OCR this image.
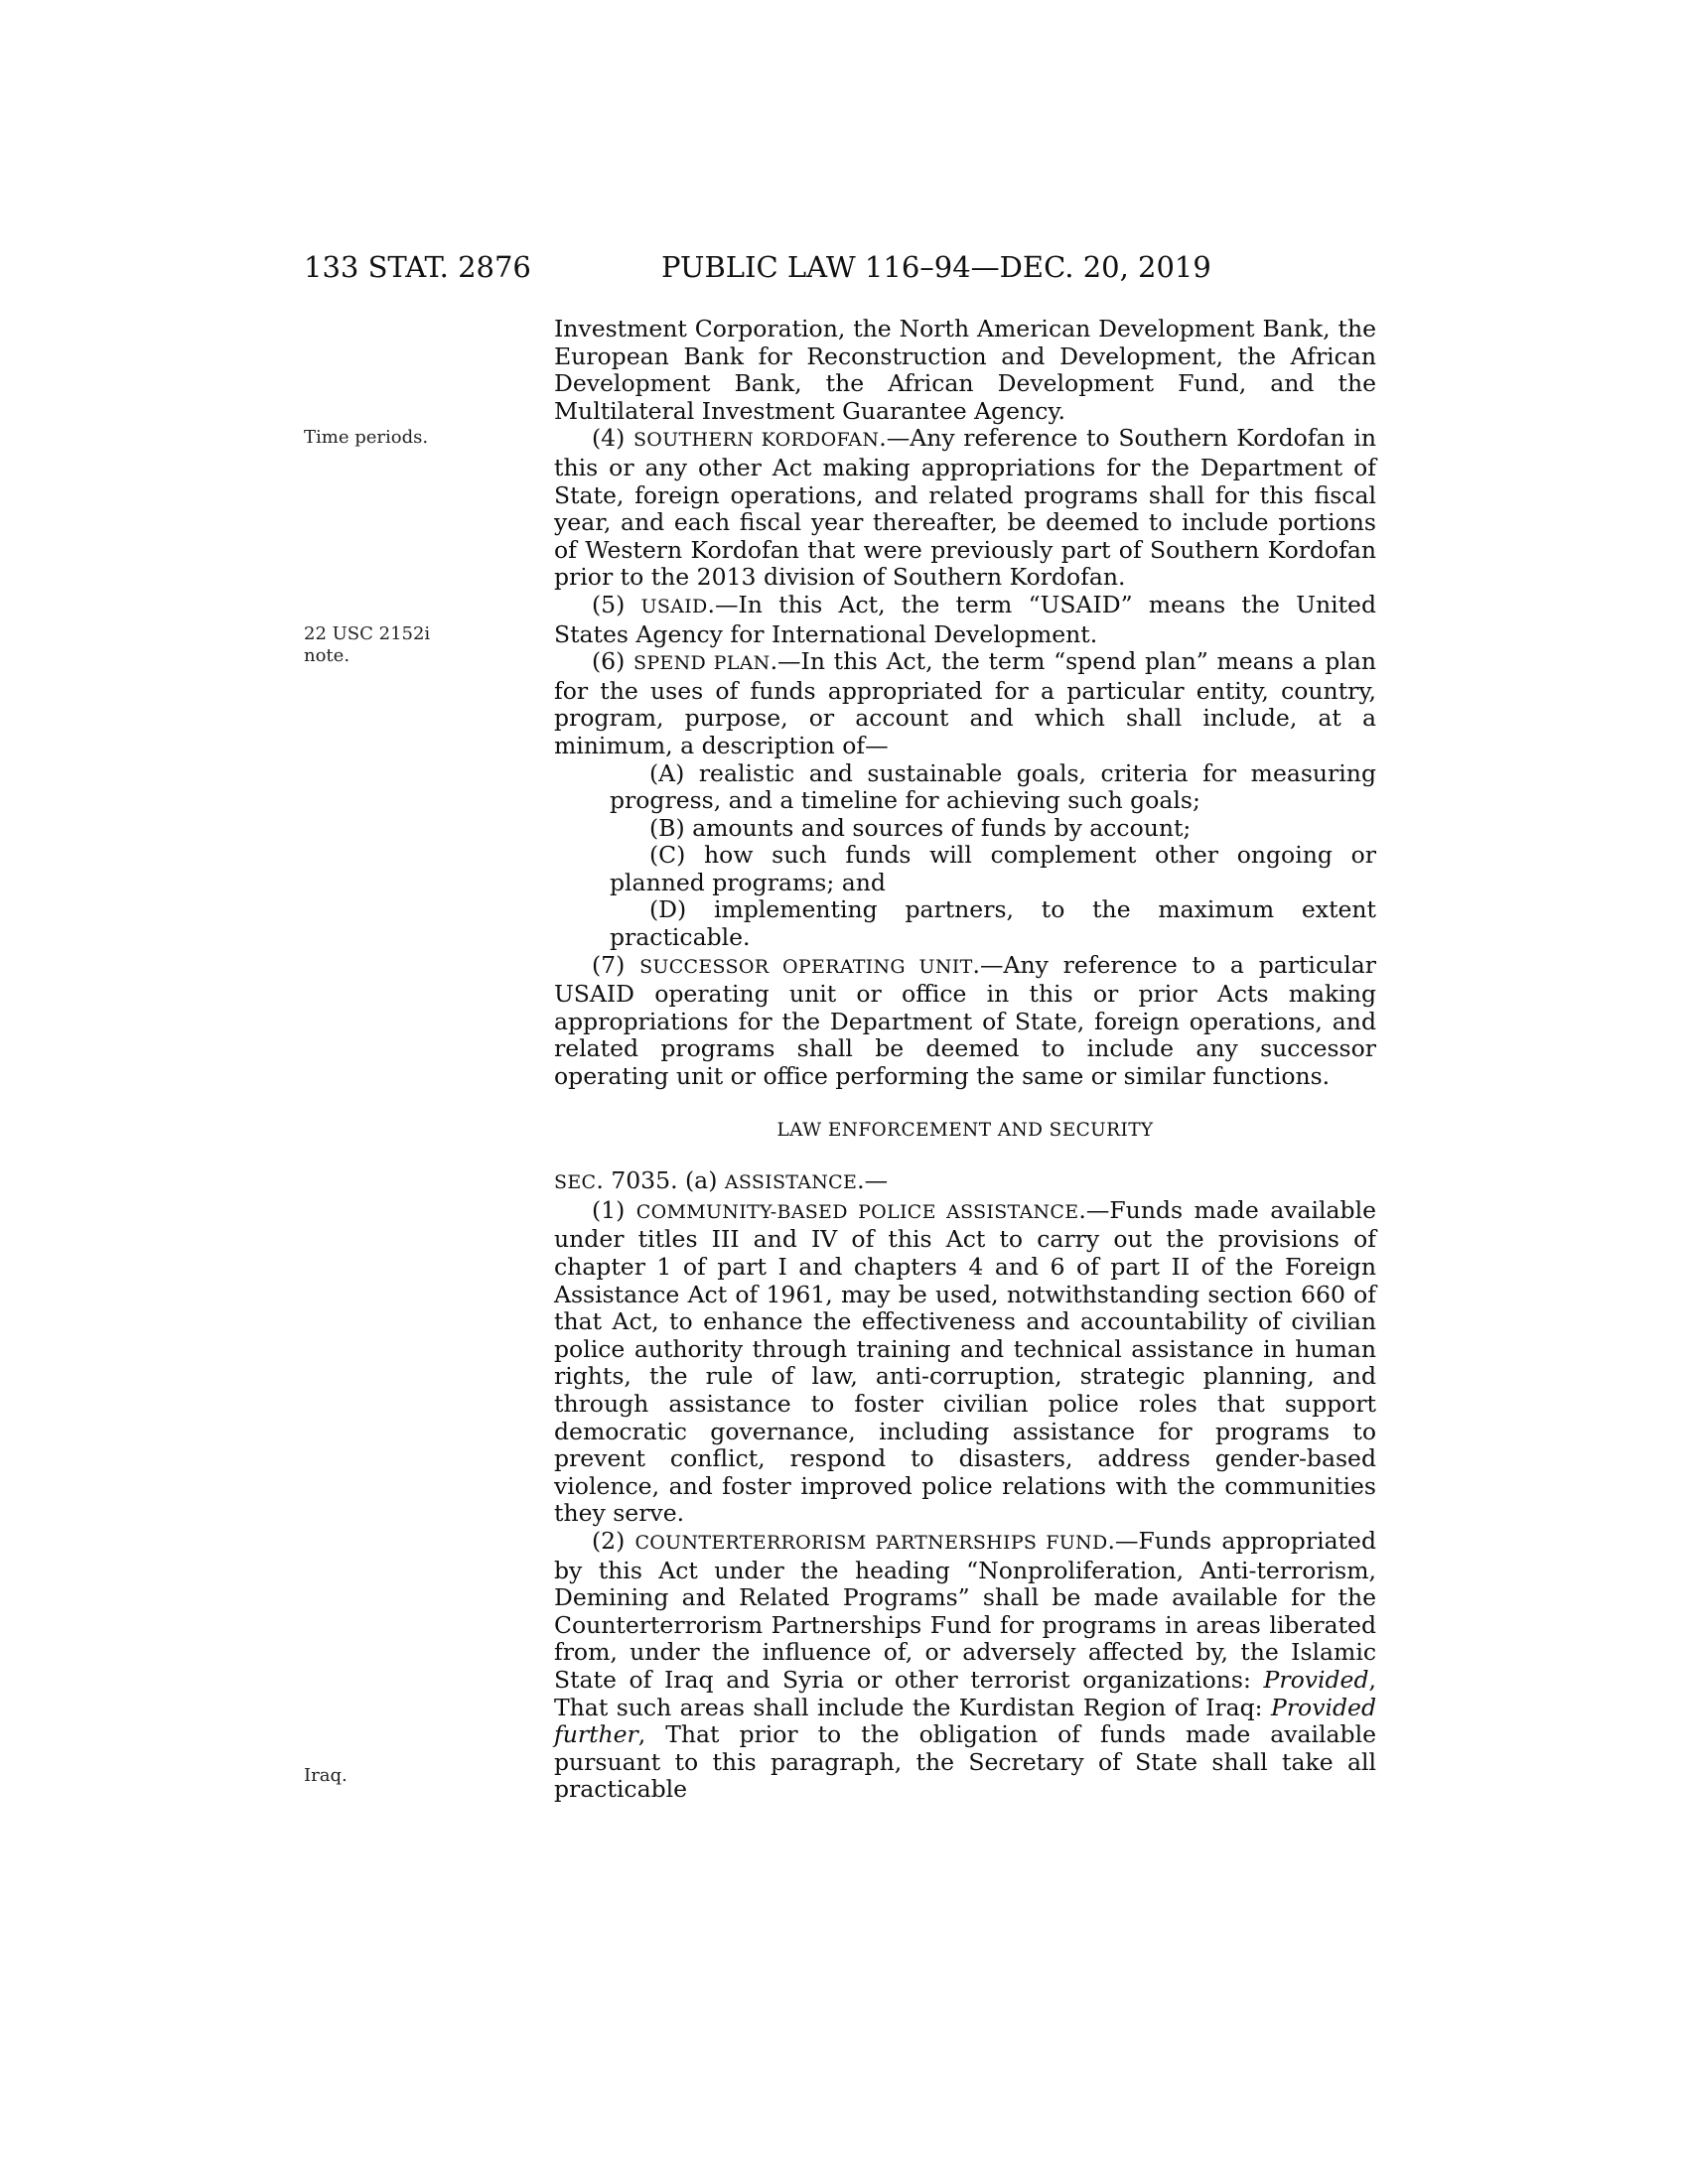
133 STAT. 2876	PUBLIC LAW 116–94—DEC. 20, 2019
Time periods.
22 USC 2152i
note.
Iraq.

Investment Corporation, the North American Development Bank, the European Bank for Reconstruction and Development, the African Development Bank, the African Development Fund, and the Multilateral Investment Guarantee Agency.

(4) SOUTHERN KORDOFAN.—Any reference to Southern Kordofan in this or any other Act making appropriations for the Department of State, foreign operations, and related programs shall for this fiscal year, and each fiscal year thereafter, be deemed to include portions of Western Kordofan that were previously part of Southern Kordofan prior to the 2013 division of Southern Kordofan.

(5) USAID.—In this Act, the term “USAID” means the United States Agency for International Development.

(6) SPEND PLAN.—In this Act, the term “spend plan” means a plan for the uses of funds appropriated for a particular entity, country, program, purpose, or account and which shall include, at a minimum, a description of—

(A) realistic and sustainable goals, criteria for measuring progress, and a timeline for achieving such goals;

(B) amounts and sources of funds by account;

(C) how such funds will complement other ongoing or planned programs; and

(D) implementing partners, to the maximum extent practicable.

(7) SUCCESSOR OPERATING UNIT.—Any reference to a particular USAID operating unit or office in this or prior Acts making appropriations for the Department of State, foreign operations, and related programs shall be deemed to include any successor operating unit or office performing the same or similar functions.

LAW ENFORCEMENT AND SECURITY

SEC. 7035. (a) ASSISTANCE.—

(1) COMMUNITY-BASED POLICE ASSISTANCE.—Funds made available under titles III and IV of this Act to carry out the provisions of chapter 1 of part I and chapters 4 and 6 of part II of the Foreign Assistance Act of 1961, may be used, notwithstanding section 660 of that Act, to enhance the effectiveness and accountability of civilian police authority through training and technical assistance in human rights, the rule of law, anti-corruption, strategic planning, and through assistance to foster civilian police roles that support democratic governance, including assistance for programs to prevent conflict, respond to disasters, address gender-based violence, and foster improved police relations with the communities they serve.

(2) COUNTERTERRORISM PARTNERSHIPS FUND.—Funds appropriated by this Act under the heading “Nonproliferation, Anti-terrorism, Demining and Related Programs” shall be made available for the Counterterrorism Partnerships Fund for programs in areas liberated from, under the influence of, or adversely affected by, the Islamic State of Iraq and Syria or other terrorist organizations: Provided, That such areas shall include the Kurdistan Region of Iraq: Provided further, That prior to the obligation of funds made available pursuant to this paragraph, the Secretary of State shall take all practicable
